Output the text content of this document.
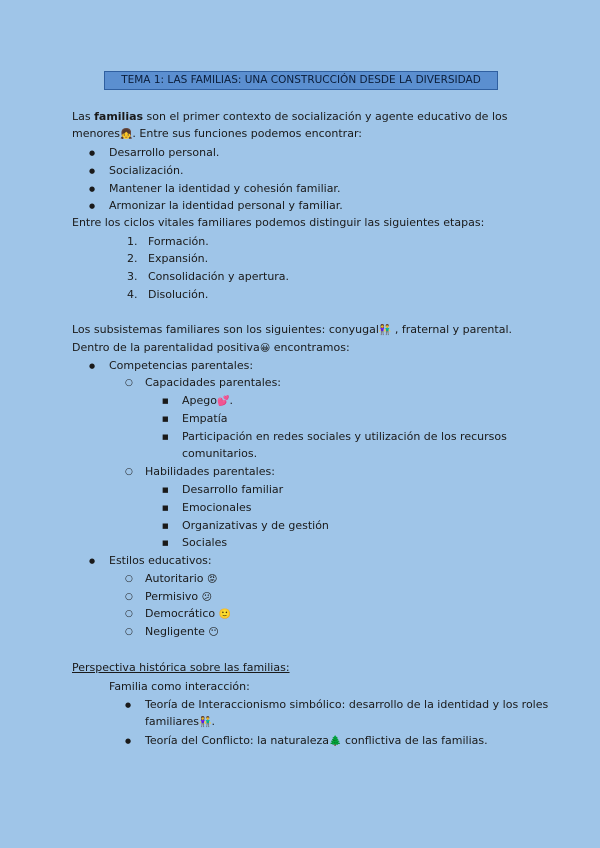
TEMA 1: LAS FAMILIAS: UNA CONSTRUCCIÓN DESDE LA DIVERSIDAD
Las familias son el primer contexto de socialización y agente educativo de los
menores👧. Entre sus funciones podemos encontrar:
● Desarrollo personal.
● Socialización.
● Mantener la identidad y cohesión familiar.
● Armonizar la identidad personal y familiar.
Entre los ciclos vitales familiares podemos distinguir las siguientes etapas:
1. Formación.
2. Expansión.
3. Consolidación y apertura.
4. Disolución.
Los subsistemas familiares son los siguientes: conyugal👫 , fraternal y parental.
Dentro de la parentalidad positiva😀 encontramos:
● Competencias parentales:
○ Capacidades parentales:
■ Apego💕.
■ Empatía
■ Participación en redes sociales y utilización de los recursos
comunitarios.
○ Habilidades parentales:
■ Desarrollo familiar
■ Emocionales
■ Organizativas y de gestión
■ Sociales
● Estilos educativos:
○ Autoritario 😡
○ Permisivo 😕
○ Democrático 🙂
○ Negligente 😶
Perspectiva histórica sobre las familias:
Familia como interacción:
● Teoría de Interaccionismo simbólico: desarrollo de la identidad y los roles
familiares👫.
● Teoría del Conflicto: la naturaleza🌲 conflictiva de las familias.
